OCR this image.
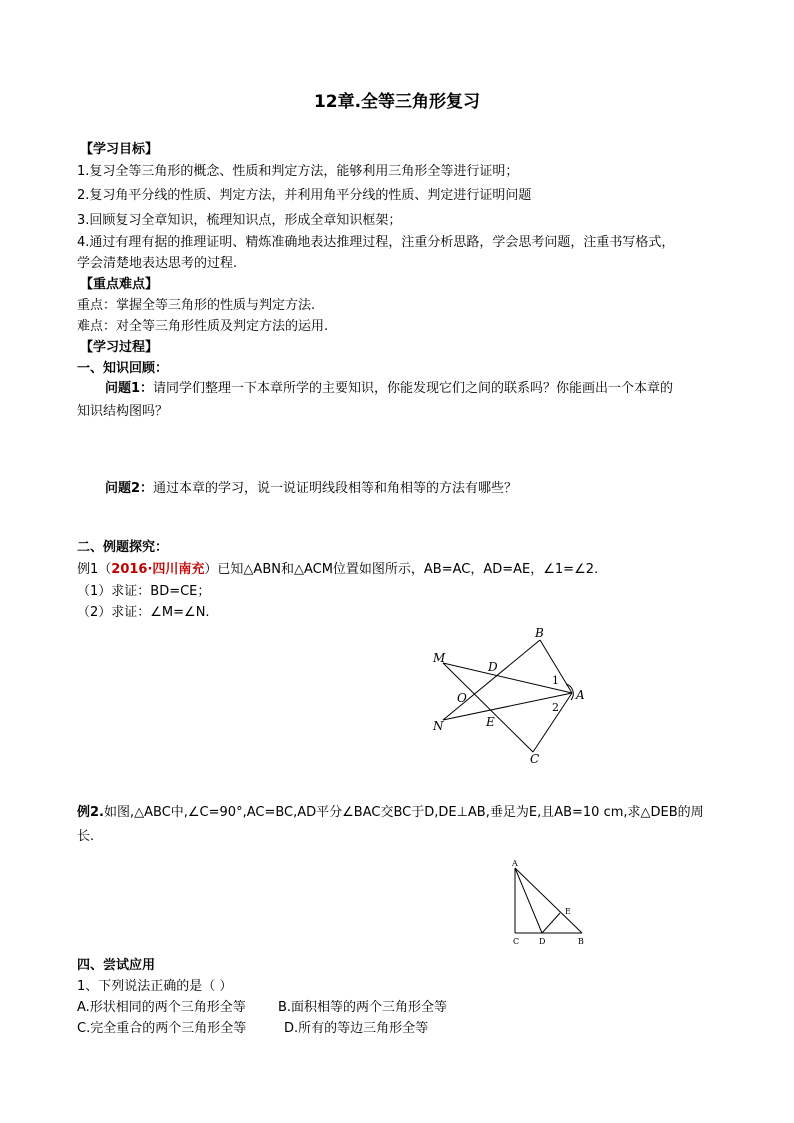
12章.全等三角形复习
【学习目标】
1.复习全等三角形的概念、性质和判定方法，能够利用三角形全等进行证明；
2.复习角平分线的性质、判定方法，并利用角平分线的性质、判定进行证明问题
3.回顾复习全章知识，梳理知识点，形成全章知识框架；
4.通过有理有据的推理证明、精炼准确地表达推理过程，注重分析思路，学会思考问题，注重书写格式，
学会清楚地表达思考的过程.
【重点难点】
重点：掌握全等三角形的性质与判定方法.
难点：对全等三角形性质及判定方法的运用.
【学习过程】
一、知识回顾：
问题1：请同学们整理一下本章所学的主要知识，你能发现它们之间的联系吗？你能画出一个本章的
知识结构图吗？
问题2：通过本章的学习，说一说证明线段相等和角相等的方法有哪些？
二、例题探究：
例1（2016·四川南充）已知△ABN和△ACM位置如图所示，AB=AC，AD=AE，∠1=∠2.
（1）求证：BD=CE；
（2）求证：∠M=∠N.
B
M
D
1
A
O
2
N	E
C
例2.如图,△ABC中,∠C=90°,AC=BC,AD平分∠BAC交BC于D,DE⊥AB,垂足为E,且AB=10 cm,求△DEB的周
长.
A
E
C D	B
四、尝试应用
1、下列说法正确的是（ ）
A.形状相同的两个三角形全等 B.面积相等的两个三角形全等
C.完全重合的两个三角形全等	D.所有的等边三角形全等
